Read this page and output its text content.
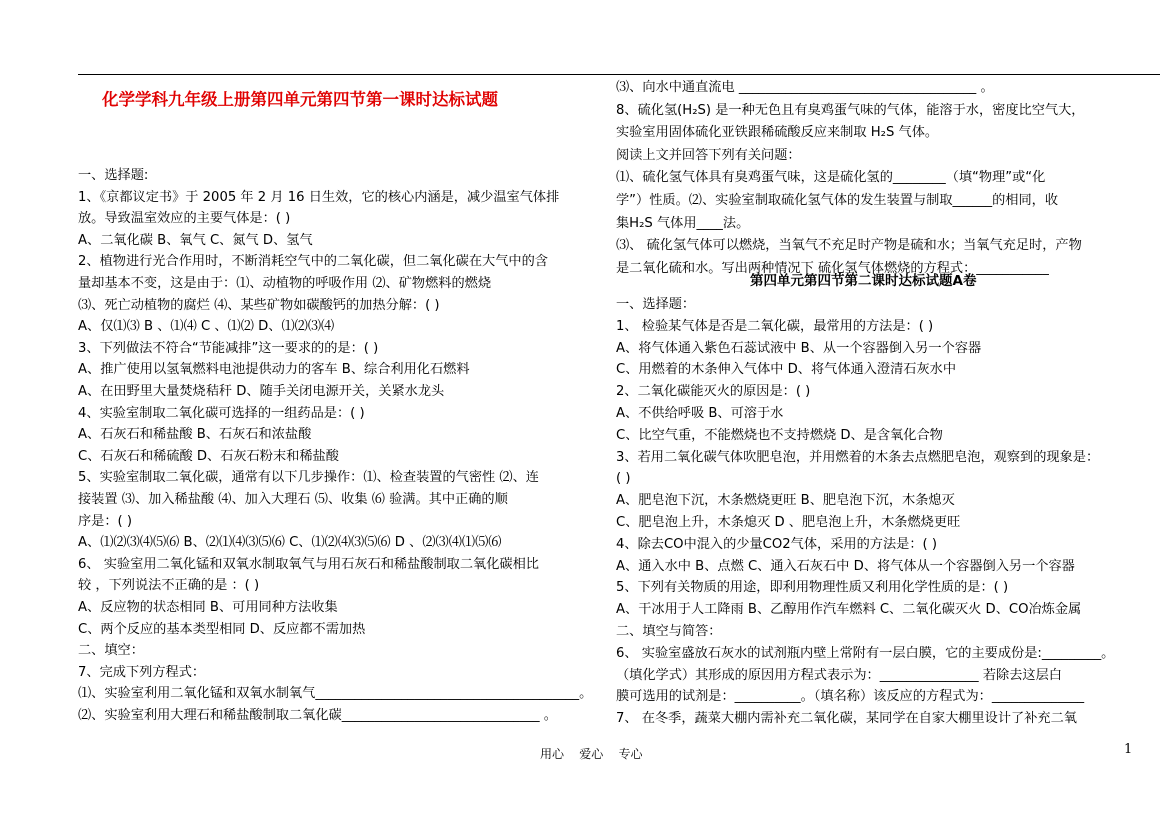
化学学科九年级上册第四单元第四节第一课时达标试题
一、选择题:
1、《京都议定书》于 2005 年 2 月 16 日生效，它的核心内涵是，减少温室气体排
放。导致温室效应的主要气体是：( )
A、二氧化碳 B、氧气 C、氮气 D、氢气
2、植物进行光合作用时，不断消耗空气中的二氧化碳，但二氧化碳在大气中的含
量却基本不变，这是由于：⑴、动植物的呼吸作用 ⑵、矿物燃料的燃烧
⑶、死亡动植物的腐烂 ⑷、某些矿物如碳酸钙的加热分解：( )
A、仅⑴⑶ B 、⑴⑷ C 、⑴⑵ D、⑴⑵⑶⑷
3、下列做法不符合“节能减排”这一要求的的是：( )
A、推广使用以氢氧燃料电池提供动力的客车 B、综合利用化石燃料
A、在田野里大量焚烧秸秆 D、随手关闭电源开关，关紧水龙头
4、实验室制取二氧化碳可选择的一组药品是：( )
A、石灰石和稀盐酸 B、石灰石和浓盐酸
C、石灰石和稀硫酸 D、石灰石粉末和稀盐酸
5、实验室制取二氧化碳，通常有以下几步操作：⑴、检查装置的气密性 ⑵、连
接装置 ⑶、加入稀盐酸 ⑷、加入大理石 ⑸、收集 ⑹ 验满。其中正确的顺
序是：( )
A、⑴⑵⑶⑷⑸⑹ B、⑵⑴⑷⑶⑸⑹ C、⑴⑵⑷⑶⑸⑹ D 、⑵⑶⑷⑴⑸⑹
6、 实验室用二氧化锰和双氧水制取氧气与用石灰石和稀盐酸制取二氧化碳相比
较 ，下列说法不正确的是 ：( )
A、反应物的状态相同 B、可用同种方法收集
C、两个反应的基本类型相同 D、反应都不需加热
二、填空：
7、完成下列方程式：
⑴、实验室利用二氧化锰和双氧水制氧气________________________________________。
⑵、实验室利用大理石和稀盐酸制取二氧化碳______________________________ 。
第四单元第四节第二课时达标试题A卷
⑶、向水中通直流电 ____________________________________ 。
8、硫化氢(H₂S) 是一种无色且有臭鸡蛋气味的气体，能溶于水，密度比空气大，
实验室用固体硫化亚铁跟稀硫酸反应来制取 H₂S 气体。
阅读上文并回答下列有关问题：
⑴、硫化氢气体具有臭鸡蛋气味，这是硫化氢的________（填“物理”或“化
学”）性质。⑵、实验室制取硫化氢气体的发生装置与制取______的相同，收
集H₂S 气体用____法。
⑶、 硫化氢气体可以燃烧，当氧气不充足时产物是硫和水；当氧气充足时，产物
是二氧化硫和水。写出两种情况下 硫化氢气体燃烧的方程式：___________
一、选择题：
1、 检验某气体是否是二氧化碳，最常用的方法是：( )
A、将气体通入紫色石蕊试液中 B、从一个容器倒入另一个容器
C、用燃着的木条伸入气体中 D、将气体通入澄清石灰水中
2、二氧化碳能灭火的原因是：( )
A、不供给呼吸 B、可溶于水
C、比空气重，不能燃烧也不支持燃烧 D、是含氧化合物
3、若用二氧化碳气体吹肥皂泡，并用燃着的木条去点燃肥皂泡，观察到的现象是：
( )
A、肥皂泡下沉，木条燃烧更旺 B、肥皂泡下沉，木条熄灭
C、肥皂泡上升，木条熄灭 D 、肥皂泡上升，木条燃烧更旺
4、除去CO中混入的少量CO2气体，采用的方法是：( )
A、通入水中 B、点燃 C、通入石灰石中 D、将气体从一个容器倒入另一个容器
5、下列有关物质的用途，即利用物理性质又利用化学性质的是：( )
A、干冰用于人工降雨 B、乙醇用作汽车燃料 C、二氧化碳灭火 D、CO冶炼金属
二、填空与简答：
6、 实验室盛放石灰水的试剂瓶内壁上常附有一层白膜，它的主要成份是:_________。
（填化学式）其形成的原因用方程式表示为：_______________ 若除去这层白
膜可选用的试剂是：__________。（填名称）该反应的方程式为：______________
7、 在冬季，蔬菜大棚内需补充二氧化碳，某同学在自家大棚里设计了补充二氧
用心    爱心    专心	1
